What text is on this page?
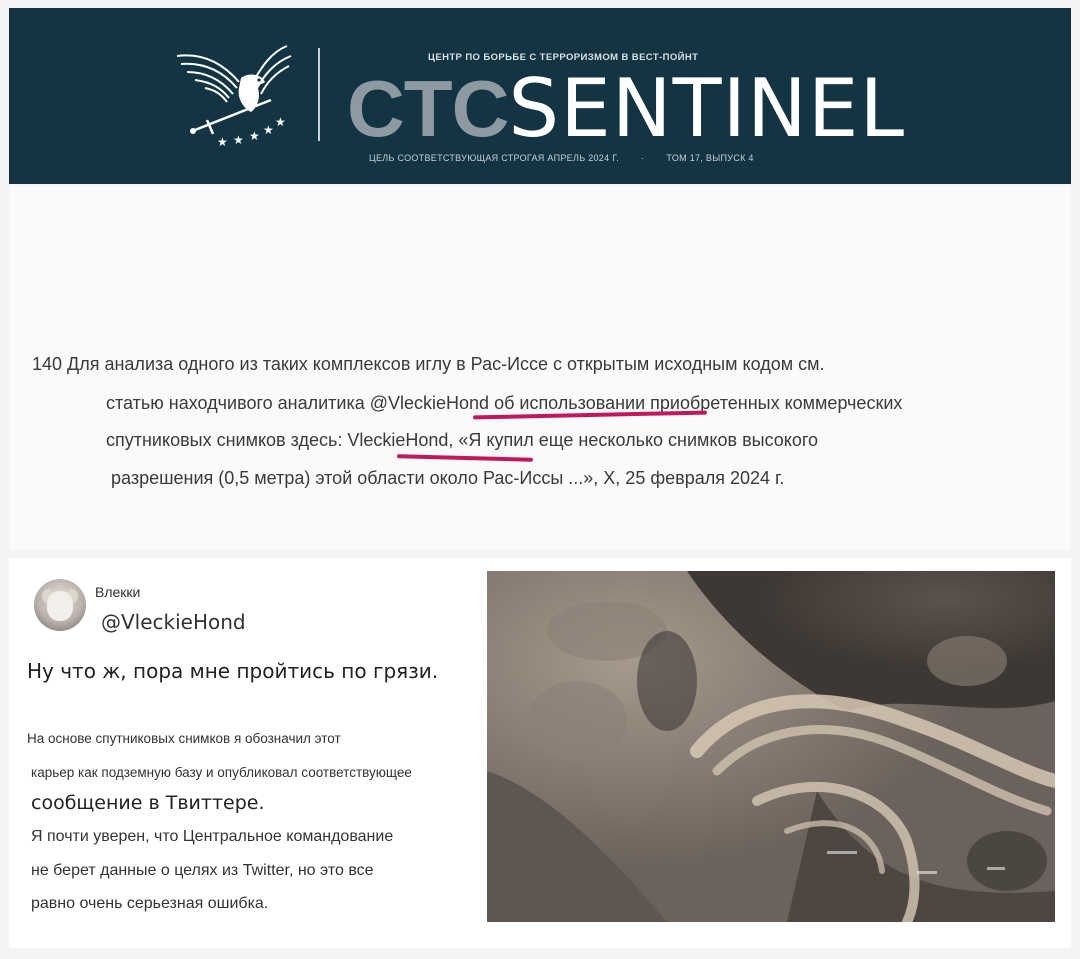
★ ★ ★ ★
★
ЦЕНТР ПО БОРЬБЕ С ТЕРРОРИЗМОМ В ВЕСТ-ПОЙНТ
CTCSENTINEL
ЦЕЛЬ СООТВЕТСТВУЮЩАЯ СТРОГАЯ АПРЕЛЬ 2024 Г. · ТОМ 17, ВЫПУСК 4
140 Для анализа одного из таких комплексов иглу в Рас-Иссе с открытым исходным кодом см.
статью находчивого аналитика @VleckieHond об использовании приобретенных коммерческих
спутниковых снимков здесь: VleckieHond, «Я купил еще несколько снимков высокого
разрешения (0,5 метра) этой области около Рас-Иссы ...», X, 25 февраля 2024 г.
Влекки
@VleckieHond
Ну что ж, пора мне пройтись по грязи.
На основе спутниковых снимков я обозначил этот
карьер как подземную базу и опубликовал соответствующее
сообщение в Твиттере.
Я почти уверен, что Центральное командование
не берет данные о целях из Twitter, но это все
равно очень серьезная ошибка.
